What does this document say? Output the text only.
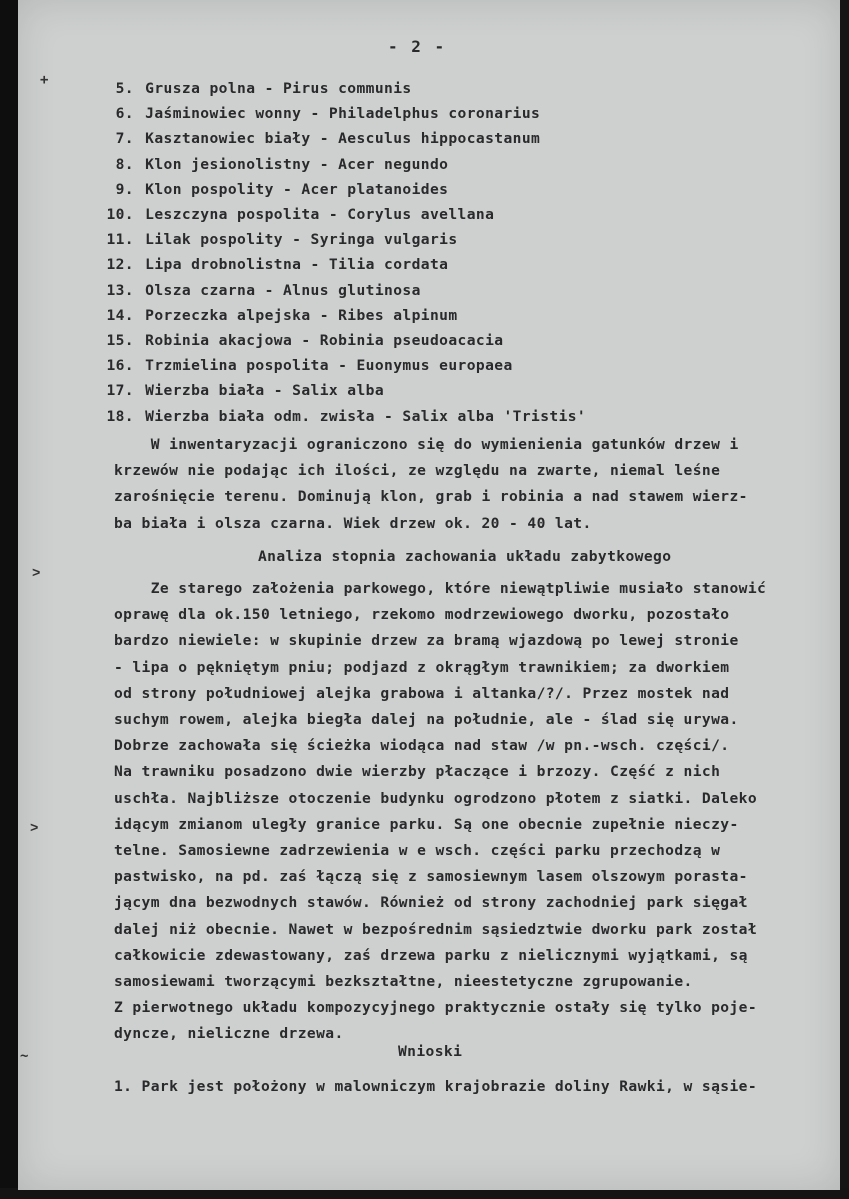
+
˃
˃
~
- 2 -
5. Grusza polna - Pirus communis
6. Jaśminowiec wonny - Philadelphus coronarius
7. Kasztanowiec biały - Aesculus hippocastanum
8. Klon jesionolistny - Acer negundo
9. Klon pospolity - Acer platanoides
10. Leszczyna pospolita - Corylus avellana
11. Lilak pospolity - Syringa vulgaris
12. Lipa drobnolistna - Tilia cordata
13. Olsza czarna - Alnus glutinosa
14. Porzeczka alpejska - Ribes alpinum
15. Robinia akacjowa - Robinia pseudoacacia
16. Trzmielina pospolita - Euonymus europaea
17. Wierzba biała - Salix alba
18. Wierzba biała odm. zwisła - Salix alba 'Tristis'
W inwentaryzacji ograniczono się do wymienienia gatunków drzew i
krzewów nie podając ich ilości, ze względu na zwarte, niemal leśne
zarośnięcie terenu. Dominują klon, grab i robinia a nad stawem wierz-
ba biała i olsza czarna. Wiek drzew ok. 20 - 40 lat.
Analiza stopnia zachowania układu zabytkowego
Ze starego założenia parkowego, które niewątpliwie musiało stanowić
oprawę dla ok.150 letniego, rzekomo modrzewiowego dworku, pozostało
bardzo niewiele: w skupinie drzew za bramą wjazdową po lewej stronie
- lipa o pękniętym pniu; podjazd z okrągłym trawnikiem; za dworkiem
od strony południowej alejka grabowa i altanka/?/. Przez mostek nad
suchym rowem, alejka biegła dalej na południe, ale - ślad się urywa.
Dobrze zachowała się ścieżka wiodąca nad staw /w pn.-wsch. części/.
Na trawniku posadzono dwie wierzby płaczące i brzozy. Część z nich
uschła. Najbliższe otoczenie budynku ogrodzono płotem z siatki. Daleko
idącym zmianom uległy granice parku. Są one obecnie zupełnie nieczy-
telne. Samosiewne zadrzewienia w e wsch. części parku przechodzą w
pastwisko, na pd. zaś łączą się z samosiewnym lasem olszowym porasta-
jącym dna bezwodnych stawów. Również od strony zachodniej park sięgał
dalej niż obecnie. Nawet w bezpośrednim sąsiedztwie dworku park został
całkowicie zdewastowany, zaś drzewa parku z nielicznymi wyjątkami, są
samosiewami tworzącymi bezkształtne, nieestetyczne zgrupowanie.
Z pierwotnego układu kompozycyjnego praktycznie ostały się tylko poje-
dyncze, nieliczne drzewa.
Wnioski
1. Park jest położony w malowniczym krajobrazie doliny Rawki, w sąsie-
